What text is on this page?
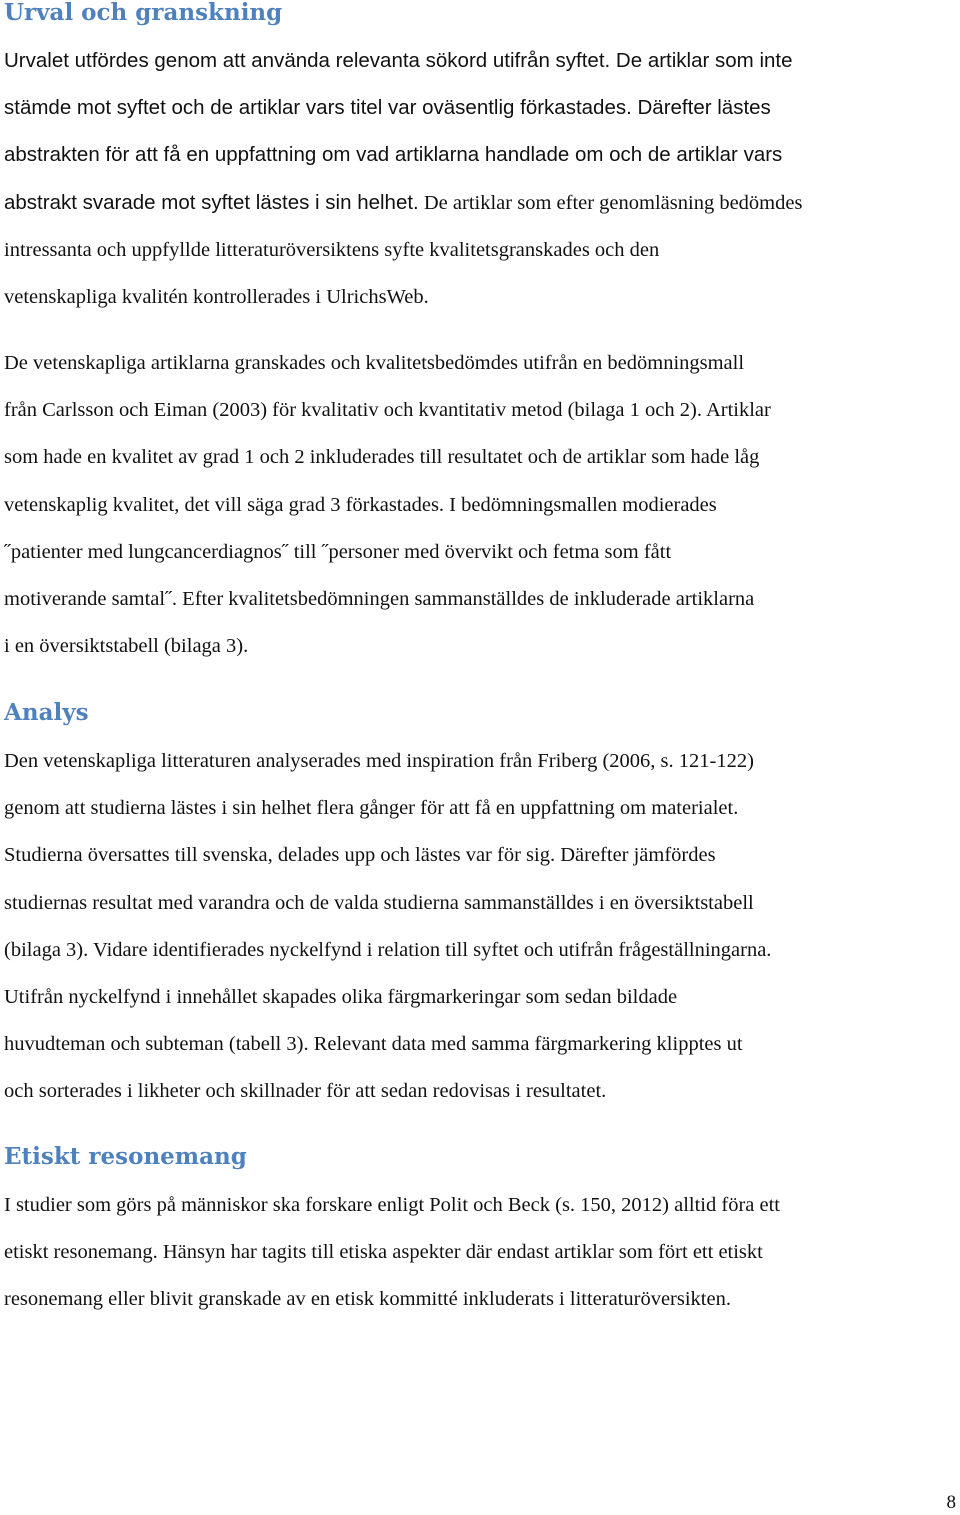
Urval och granskning

Urvalet utfördes genom att använda relevanta sökord utifrån syftet. De artiklar som inte
stämde mot syftet och de artiklar vars titel var oväsentlig förkastades. Därefter lästes
abstrakten för att få en uppfattning om vad artiklarna handlade om och de artiklar vars
abstrakt svarade mot syftet lästes i sin helhet. De artiklar som efter genomläsning bedömdes
intressanta och uppfyllde litteraturöversiktens syfte kvalitetsgranskades och den
vetenskapliga kvalitén kontrollerades i UlrichsWeb.

De vetenskapliga artiklarna granskades och kvalitetsbedömdes utifrån en bedömningsmall
från Carlsson och Eiman (2003) för kvalitativ och kvantitativ metod (bilaga 1 och 2). Artiklar
som hade en kvalitet av grad 1 och 2 inkluderades till resultatet och de artiklar som hade låg
vetenskaplig kvalitet, det vill säga grad 3 förkastades. I bedömningsmallen modierades
˝patienter med lungcancerdiagnos˝ till ˝personer med övervikt och fetma som fått
motiverande samtal˝. Efter kvalitetsbedömningen sammanställdes de inkluderade artiklarna
i en översiktstabell (bilaga 3).

Analys

Den vetenskapliga litteraturen analyserades med inspiration från Friberg (2006, s. 121-122)
genom att studierna lästes i sin helhet flera gånger för att få en uppfattning om materialet.
Studierna översattes till svenska, delades upp och lästes var för sig. Därefter jämfördes
studiernas resultat med varandra och de valda studierna sammanställdes i en översiktstabell
(bilaga 3). Vidare identifierades nyckelfynd i relation till syftet och utifrån frågeställningarna.
Utifrån nyckelfynd i innehållet skapades olika färgmarkeringar som sedan bildade
huvudteman och subteman (tabell 3). Relevant data med samma färgmarkering klipptes ut
och sorterades i likheter och skillnader för att sedan redovisas i resultatet.

Etiskt resonemang

I studier som görs på människor ska forskare enligt Polit och Beck (s. 150, 2012) alltid föra ett
etiskt resonemang. Hänsyn har tagits till etiska aspekter där endast artiklar som fört ett etiskt
resonemang eller blivit granskade av en etisk kommitté inkluderats i litteraturöversikten.

8
